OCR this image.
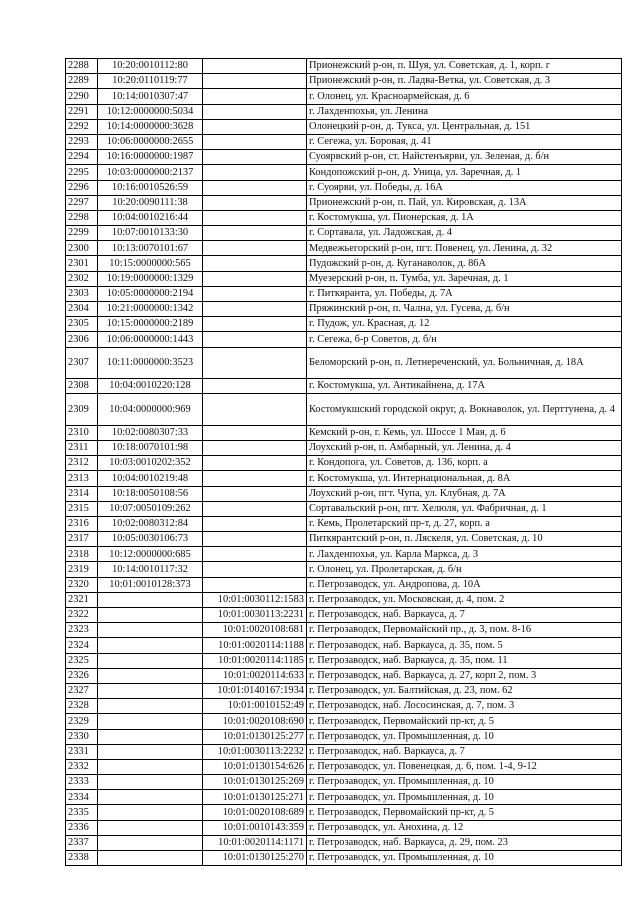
2288	10:20:0010112:80		Прионежский р-он, п. Шуя, ул. Советская, д. 1, корп. г
2289	10:20:0110119:77		Прионежский р-он, п. Ладва-Ветка, ул. Советская, д. 3
2290	10:14:0010307:47		г. Олонец, ул. Красноармейская, д. 6
2291	10:12:0000000:5034		г. Лахденпохья, ул. Ленина
2292	10:14:0000000:3628		Олонецкий р-он, д. Тукса, ул. Центральная, д. 151
2293	10:06:0000000:2655		г. Сегежа, ул. Боровая, д. 41
2294	10:16:0000000:1987		Суоярвский р-он, ст. Найстенъярви, ул. Зеленая, д. б/н
2295	10:03:0000000:2137		Кондопожский р-он, д. Уница, ул. Заречная, д. 1
2296	10:16:0010526:59		г. Суоярви, ул. Победы, д. 16А
2297	10:20:0090111:38		Прионежский р-он, п. Пай, ул. Кировская, д. 13А
2298	10:04:0010216:44		г. Костомукша, ул. Пионерская, д. 1А
2299	10:07:0010133:30		г. Сортавала, ул. Ладожская, д. 4
2300	10:13:0070101:67		Медвежьегорский р-он, пгт. Повенец, ул. Ленина, д. 32
2301	10:15:0000000:565		Пудожский р-он, д. Куганаволок, д. 86А
2302	10:19:0000000:1329		Муезерский р-он, п. Тумба, ул. Заречная, д. 1
2303	10:05:0000000:2194		г. Питкяранта, ул. Победы, д. 7А
2304	10:21:0000000:1342		Пряжинский р-он, п. Чална, ул. Гусева, д. б/н
2305	10:15:0000000:2189		г. Пудож, ул. Красная, д. 12
2306	10:06:0000000:1443		г. Сегежа, б-р Советов, д. б/н
2307	10:11:0000000:3523		Беломорский р-он, п. Летнереченский, ул. Больничная, д. 18А
2308	10:04:0010220:128		г. Костомукша, ул. Антикайнена, д. 17А
2309	10:04:0000000:969		Костомукшский городской округ, д. Вокнаволок, ул. Перттунена, д. 4
2310	10:02:0080307:33		Кемский р-он, г. Кемь, ул. Шоссе 1 Мая, д. 6
2311	10:18:0070101:98		Лоухский р-он, п. Амбарный, ул. Ленина, д. 4
2312	10:03:0010202:352		г. Кондопога, ул. Советов, д. 136, корп. а
2313	10:04:0010219:48		г. Костомукша, ул. Интернациональная, д. 8А
2314	10:18:0050108:56		Лоухский р-он, пгт. Чупа, ул. Клубная, д. 7А
2315	10:07:0050109:262		Сортавальский р-он, пгт. Хелюля, ул. Фабричная, д. 1
2316	10:02:0080312:84		г. Кемь, Пролетарский пр-т, д. 27, корп. а
2317	10:05:0030106:73		Питкярантский р-он, п. Ляскеля, ул. Советская, д. 10
2318	10:12:0000000:685		г. Лахденпохья, ул. Карла Маркса, д. 3
2319	10:14:0010117:32		г. Олонец, ул. Пролетарская, д. б/н
2320	10:01:0010128:373		г. Петрозаводск, ул. Андропова, д. 10А
2321		10:01:0030112:1583	г. Петрозаводск, ул. Московская, д. 4, пом. 2
2322		10:01:0030113:2231	г. Петрозаводск, наб. Варкауса, д. 7
2323		10:01:0020108:681	г. Петрозаводск, Первомайский пр., д. 3, пом. 8-16
2324		10:01:0020114:1188	г. Петрозаводск, наб. Варкауса, д. 35, пом. 5
2325		10:01:0020114:1185	г. Петрозаводск, наб. Варкауса, д. 35, пом. 11
2326		10:01:0020114:633	г. Петрозаводск, наб. Варкауса, д. 27, корп 2, пом. 3
2327		10:01:0140167:1934	г. Петрозаводск, ул. Балтийская, д. 23, пом. 62
2328		10:01:0010152:49	г. Петрозаводск, наб. Лососинская, д. 7, пом. 3
2329		10:01:0020108:690	г. Петрозаводск, Первомайский пр-кт, д. 5
2330		10:01:0130125:277	г. Петрозаводск, ул. Промышленная, д. 10
2331		10:01:0030113:2232	г. Петрозаводск, наб. Варкауса, д. 7
2332		10:01:0130154:626	г. Петрозаводск, ул. Повенецкая, д. 6, пом. 1-4, 9-12
2333		10:01:0130125:269	г. Петрозаводск, ул. Промышленная, д. 10
2334		10:01:0130125:271	г. Петрозаводск, ул. Промышленная, д. 10
2335		10:01:0020108:689	г. Петрозаводск, Первомайский пр-кт, д. 5
2336		10:01:0010143:359	г. Петрозаводск, ул. Анохина, д. 12
2337		10:01:0020114:1171	г. Петрозаводск, наб. Варкауса, д. 29, пом. 23
2338		10:01:0130125:270	г. Петрозаводск, ул. Промышленная, д. 10
